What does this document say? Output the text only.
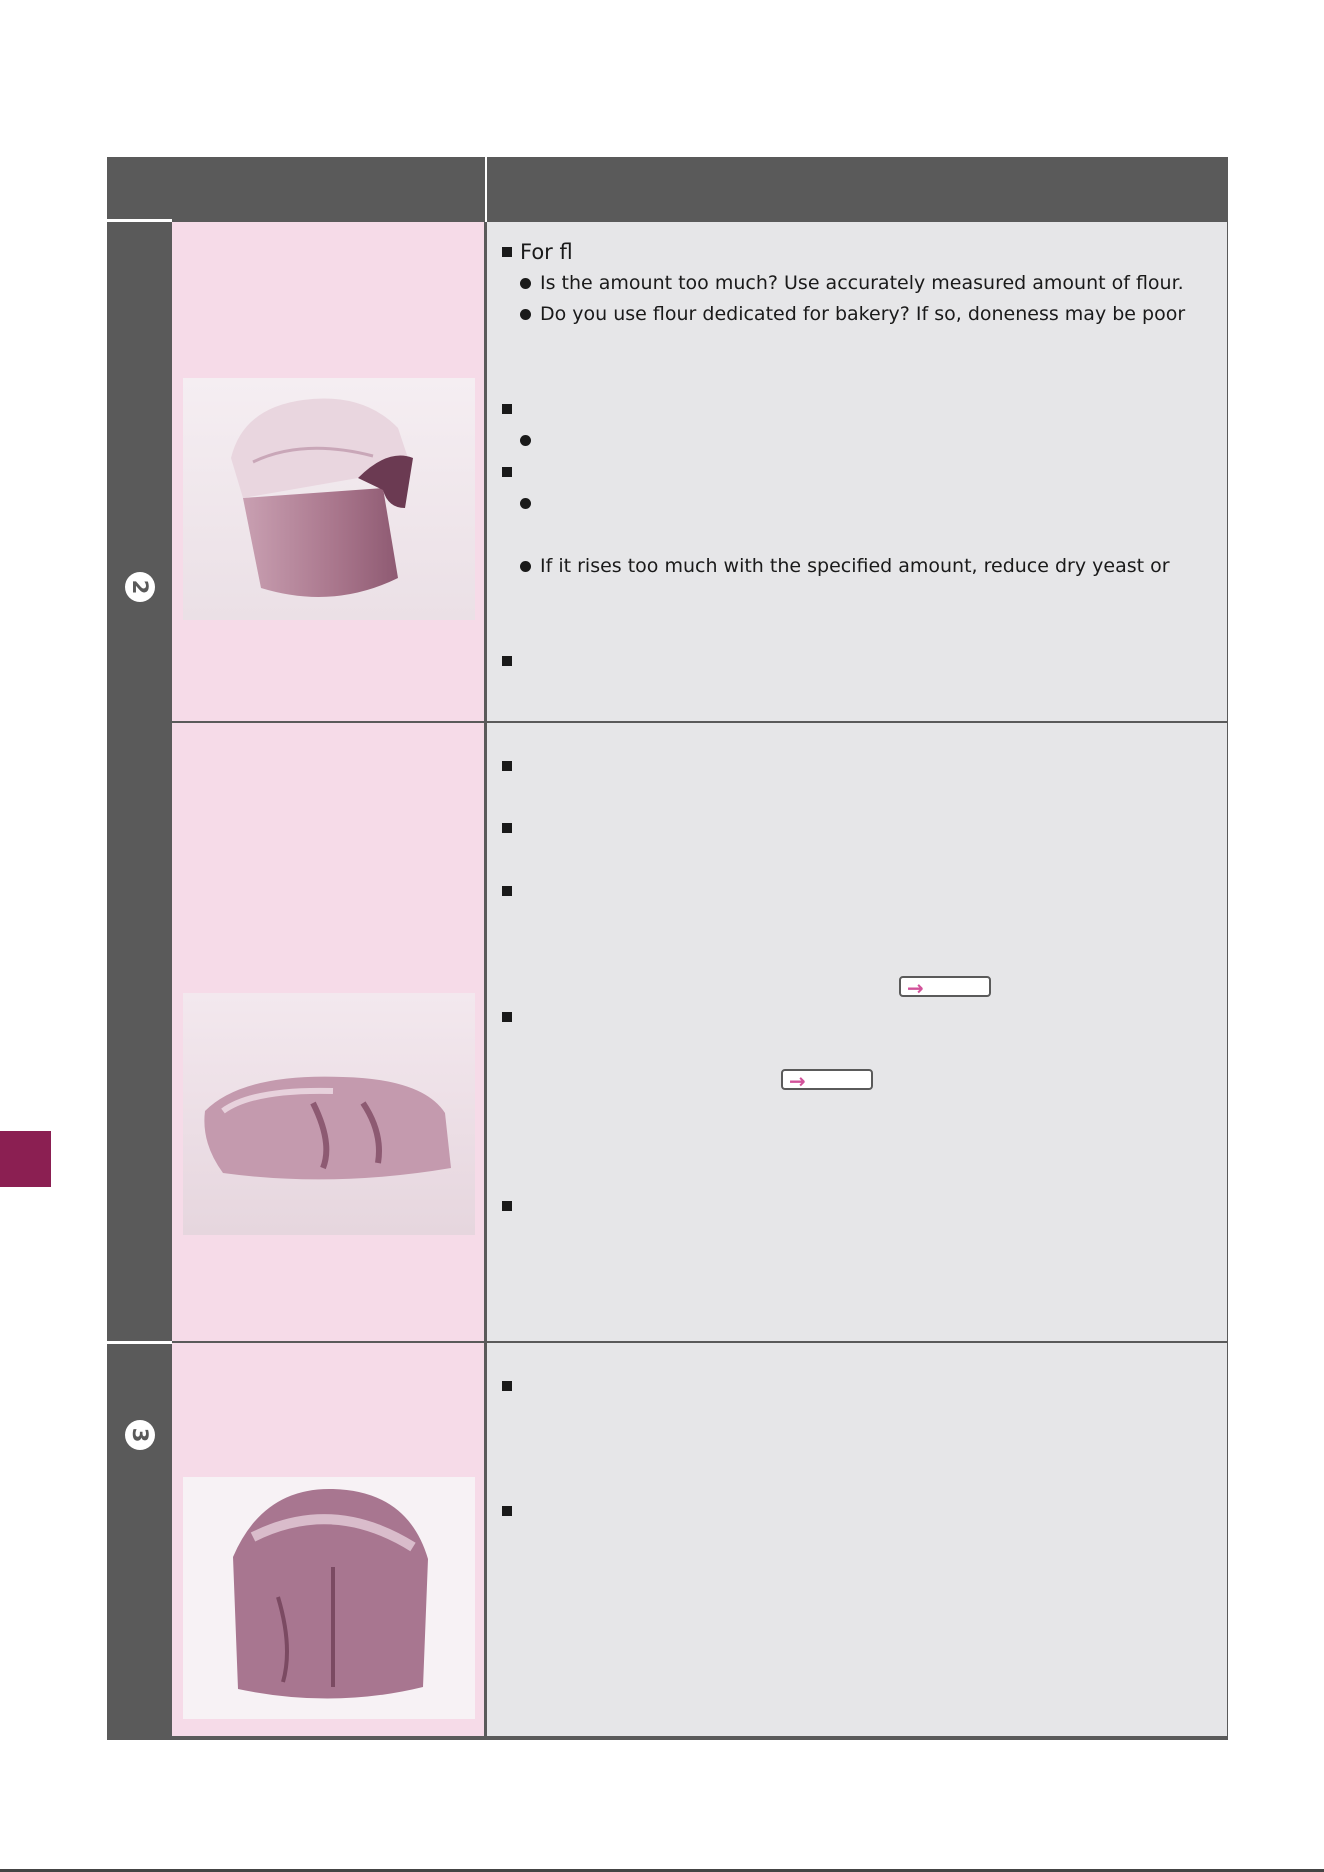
2
3
For fl
Is the amount too much? Use accurately measured amount of flour.
Do you use flour dedicated for bakery? If so, doneness may be poor
If it rises too much with the specified amount, reduce dry yeast or
→
→
